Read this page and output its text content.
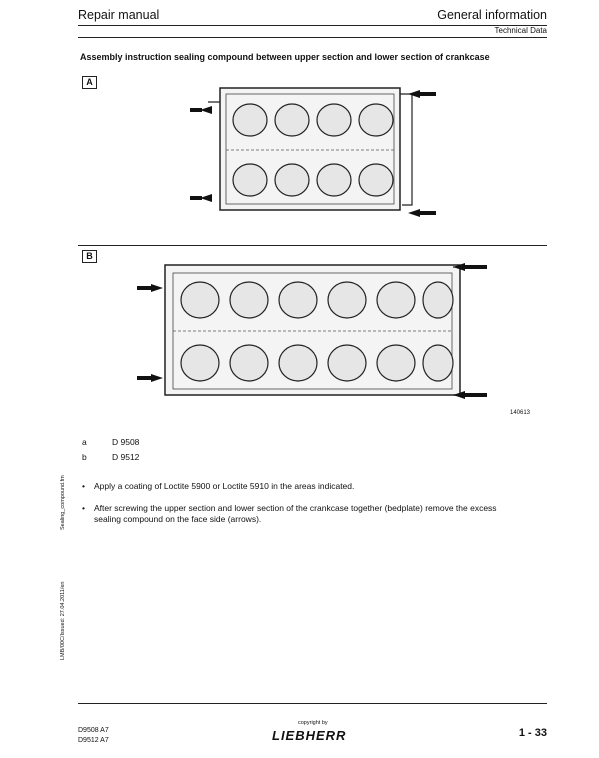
Repair manual	General information
Technical Data
Assembly instruction sealing compound between upper section and lower section of crankcase
A
B
140613
a	D 9508
b	D 9512
• Apply a coating of Loctite 5900 or Loctite 5910 in the areas indicated.
• After screwing the upper section and lower section of the crankcase together (bedplate) remove the excess
sealing compound on the face side (arrows).
Sealing_compound.fm
LMB/00C/Issued: 27.04.2011/en
D9508 A7
D9512 A7
copyright by
LIEBHERR	1 - 33
